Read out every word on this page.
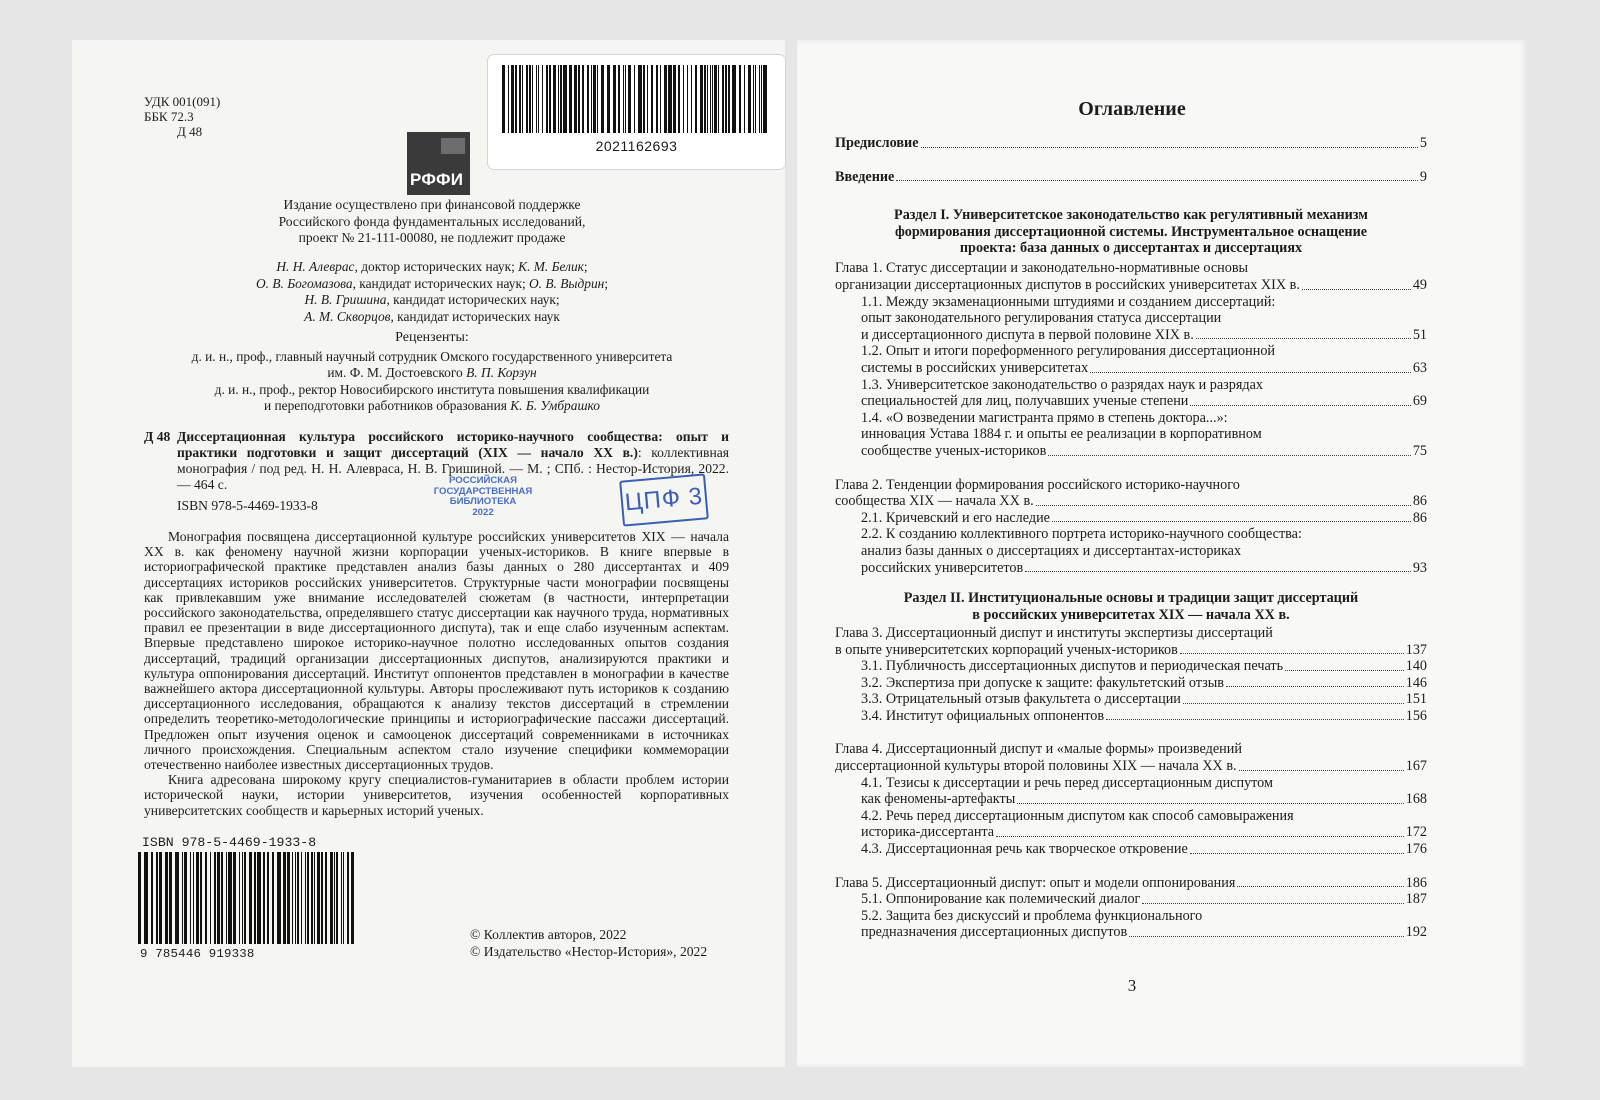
УДК 001(091)
ББК 72.3
Д 48
2021162693
РФФИ
Издание осуществлено при финансовой поддержке
Российского фонда фундаментальных исследований,
проект № 21-111-00080, не подлежит продаже
Н. Н. Алеврас, доктор исторических наук; К. М. Белик;
О. В. Богомазова, кандидат исторических наук; О. В. Выдрин;
Н. В. Гришина, кандидат исторических наук;
А. М. Скворцов, кандидат исторических наук
Рецензенты:
д. и. н., проф., главный научный сотрудник Омского государственного университета
им. Ф. М. Достоевского В. П. Корзун
д. и. н., проф., ректор Новосибирского института повышения квалификации
и переподготовки работников образования К. Б. Умбрашко
Д 48 Диссертационная культура российского историко-научного сообщества: опыт и практики подготовки и защит диссертаций (XIX — начало XX в.): коллективная монография / под ред. Н. Н. Алевраса, Н. В. Гришиной. — М. ; СПб. : Нестор-История, 2022. — 464 с.
ISBN 978-5-4469-1933-8
РОССИЙСКАЯ
ГОСУДАРСТВЕННАЯ
БИБЛИОТЕКА
2022	ЦПФ 3

Монография посвящена диссертационной культуре российских университетов XIX — начала XX в. как феномену научной жизни корпорации ученых-историков. В книге впервые в историографической практике представлен анализ базы данных о 280 диссертантах и 409 диссертациях историков российских университетов. Структурные части монографии посвящены как привлекавшим уже внимание исследователей сюжетам (в частности, интерпретации российского законодательства, определявшего статус диссертации как научного труда, нормативных правил ее презентации в виде диссертационного диспута), так и еще слабо изученным аспектам. Впервые представлено широкое историко-научное полотно исследованных опытов создания диссертаций, традиций организации диссертационных диспутов, анализируются практики и культура оппонирования диссертаций. Институт оппонентов представлен в монографии в качестве важнейшего актора диссертационной культуры. Авторы прослеживают путь историков к созданию диссертационного исследования, обращаются к анализу текстов диссертаций в стремлении определить теоретико-методологические принципы и историографические пассажи диссертаций. Предложен опыт изучения оценок и самооценок диссертаций современниками в источниках личного происхождения. Специальным аспектом стало изучение специфики коммеморации отечественно наиболее известных диссертационных трудов.

Книга адресована широкому кругу специалистов-гуманитариев в области проблем истории исторической науки, истории университетов, изучения особенностей корпоративных университетских сообществ и карьерных историй ученых.

ISBN 978-5-4469-1933-8
9 785446 919338
© Коллектив авторов, 2022
© Издательство «Нестор-История», 2022
Оглавление
Предисловие	5
Введение	9
Раздел I. Университетское законодательство как регулятивный механизм
формирования диссертационной системы. Инструментальное оснащение
проекта: база данных о диссертантах и диссертациях
Глава 1. Статус диссертации и законодательно-нормативные основы
организации диссертационных диспутов в российских университетах XIX в.	49
1.1. Между экзаменационными штудиями и созданием диссертаций:
опыт законодательного регулирования статуса диссертации
и диссертационного диспута в первой половине XIX в.	51
1.2. Опыт и итоги пореформенного регулирования диссертационной
системы в российских университетах	63
1.3. Университетское законодательство о разрядах наук и разрядах
специальностей для лиц, получавших ученые степени	69
1.4. «О возведении магистранта прямо в степень доктора...»:
инновация Устава 1884 г. и опыты ее реализации в корпоративном
сообществе ученых-историков	75
Глава 2. Тенденции формирования российского историко-научного
сообщества XIX — начала XX в.	86
2.1. Кричевский и его наследие	86
2.2. К созданию коллективного портрета историко-научного сообщества:
анализ базы данных о диссертациях и диссертантах-историках
российских университетов	93
Раздел II. Институциональные основы и традиции защит диссертаций
в российских университетах XIX — начала XX в.
Глава 3. Диссертационный диспут и институты экспертизы диссертаций
в опыте университетских корпораций ученых-историков	137
3.1. Публичность диссертационных диспутов и периодическая печать	140
3.2. Экспертиза при допуске к защите: факультетский отзыв	146
3.3. Отрицательный отзыв факультета о диссертации	151
3.4. Институт официальных оппонентов	156
Глава 4. Диссертационный диспут и «малые формы» произведений
диссертационной культуры второй половины XIX — начала XX в.	167
4.1. Тезисы к диссертации и речь перед диссертационным диспутом
как феномены-артефакты	168
4.2. Речь перед диссертационным диспутом как способ самовыражения
историка-диссертанта	172
4.3. Диссертационная речь как творческое откровение	176
Глава 5. Диссертационный диспут: опыт и модели оппонирования	186
5.1. Оппонирование как полемический диалог	187
5.2. Защита без дискуссий и проблема функционального
предназначения диссертационных диспутов	192
3
